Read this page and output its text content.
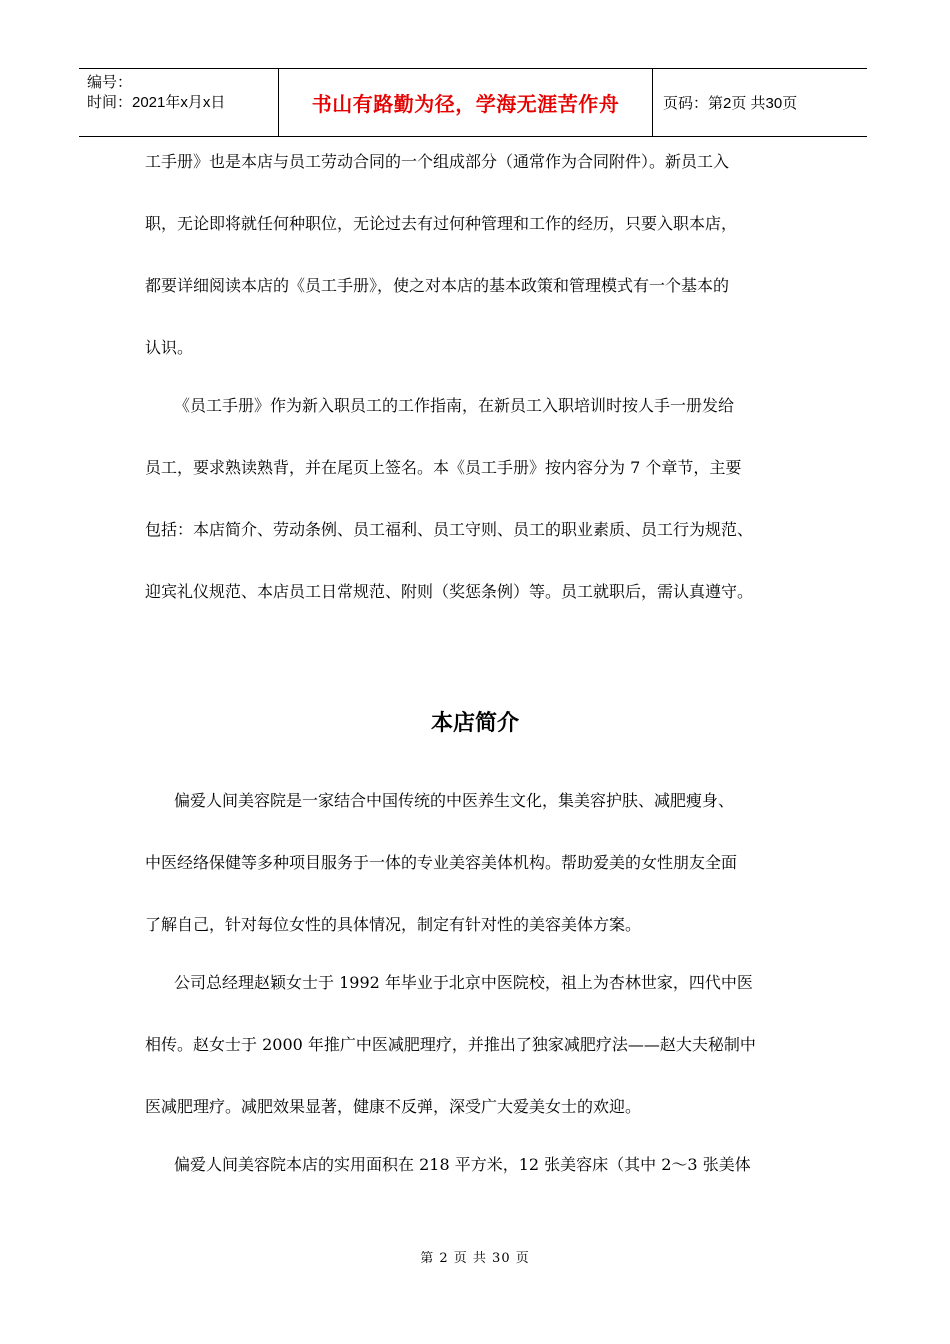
编号：
时间：2021年x月x日	书山有路勤为径，学海无涯苦作舟	页码：第2页 共30页
工手册》也是本店与员工劳动合同的一个组成部分（通常作为合同附件）。新员工入
职，无论即将就任何种职位，无论过去有过何种管理和工作的经历，只要入职本店，
都要详细阅读本店的《员工手册》，使之对本店的基本政策和管理模式有一个基本的
认识。
《员工手册》作为新入职员工的工作指南，在新员工入职培训时按人手一册发给
员工，要求熟读熟背，并在尾页上签名。本《员工手册》按内容分为 7 个章节，主要
包括：本店简介、劳动条例、员工福利、员工守则、员工的职业素质、员工行为规范、
迎宾礼仪规范、本店员工日常规范、附则（奖惩条例）等。员工就职后，需认真遵守。
本店简介
偏爱人间美容院是一家结合中国传统的中医养生文化，集美容护肤、减肥瘦身、
中医经络保健等多种项目服务于一体的专业美容美体机构。帮助爱美的女性朋友全面
了解自己，针对每位女性的具体情况，制定有针对性的美容美体方案。
公司总经理赵颖女士于 1992 年毕业于北京中医院校，祖上为杏林世家，四代中医
相传。赵女士于 2000 年推广中医减肥理疗，并推出了独家减肥疗法——赵大夫秘制中
医减肥理疗。减肥效果显著，健康不反弹，深受广大爱美女士的欢迎。
偏爱人间美容院本店的实用面积在 218 平方米，12 张美容床（其中 2～3 张美体
第 2 页 共 30 页
